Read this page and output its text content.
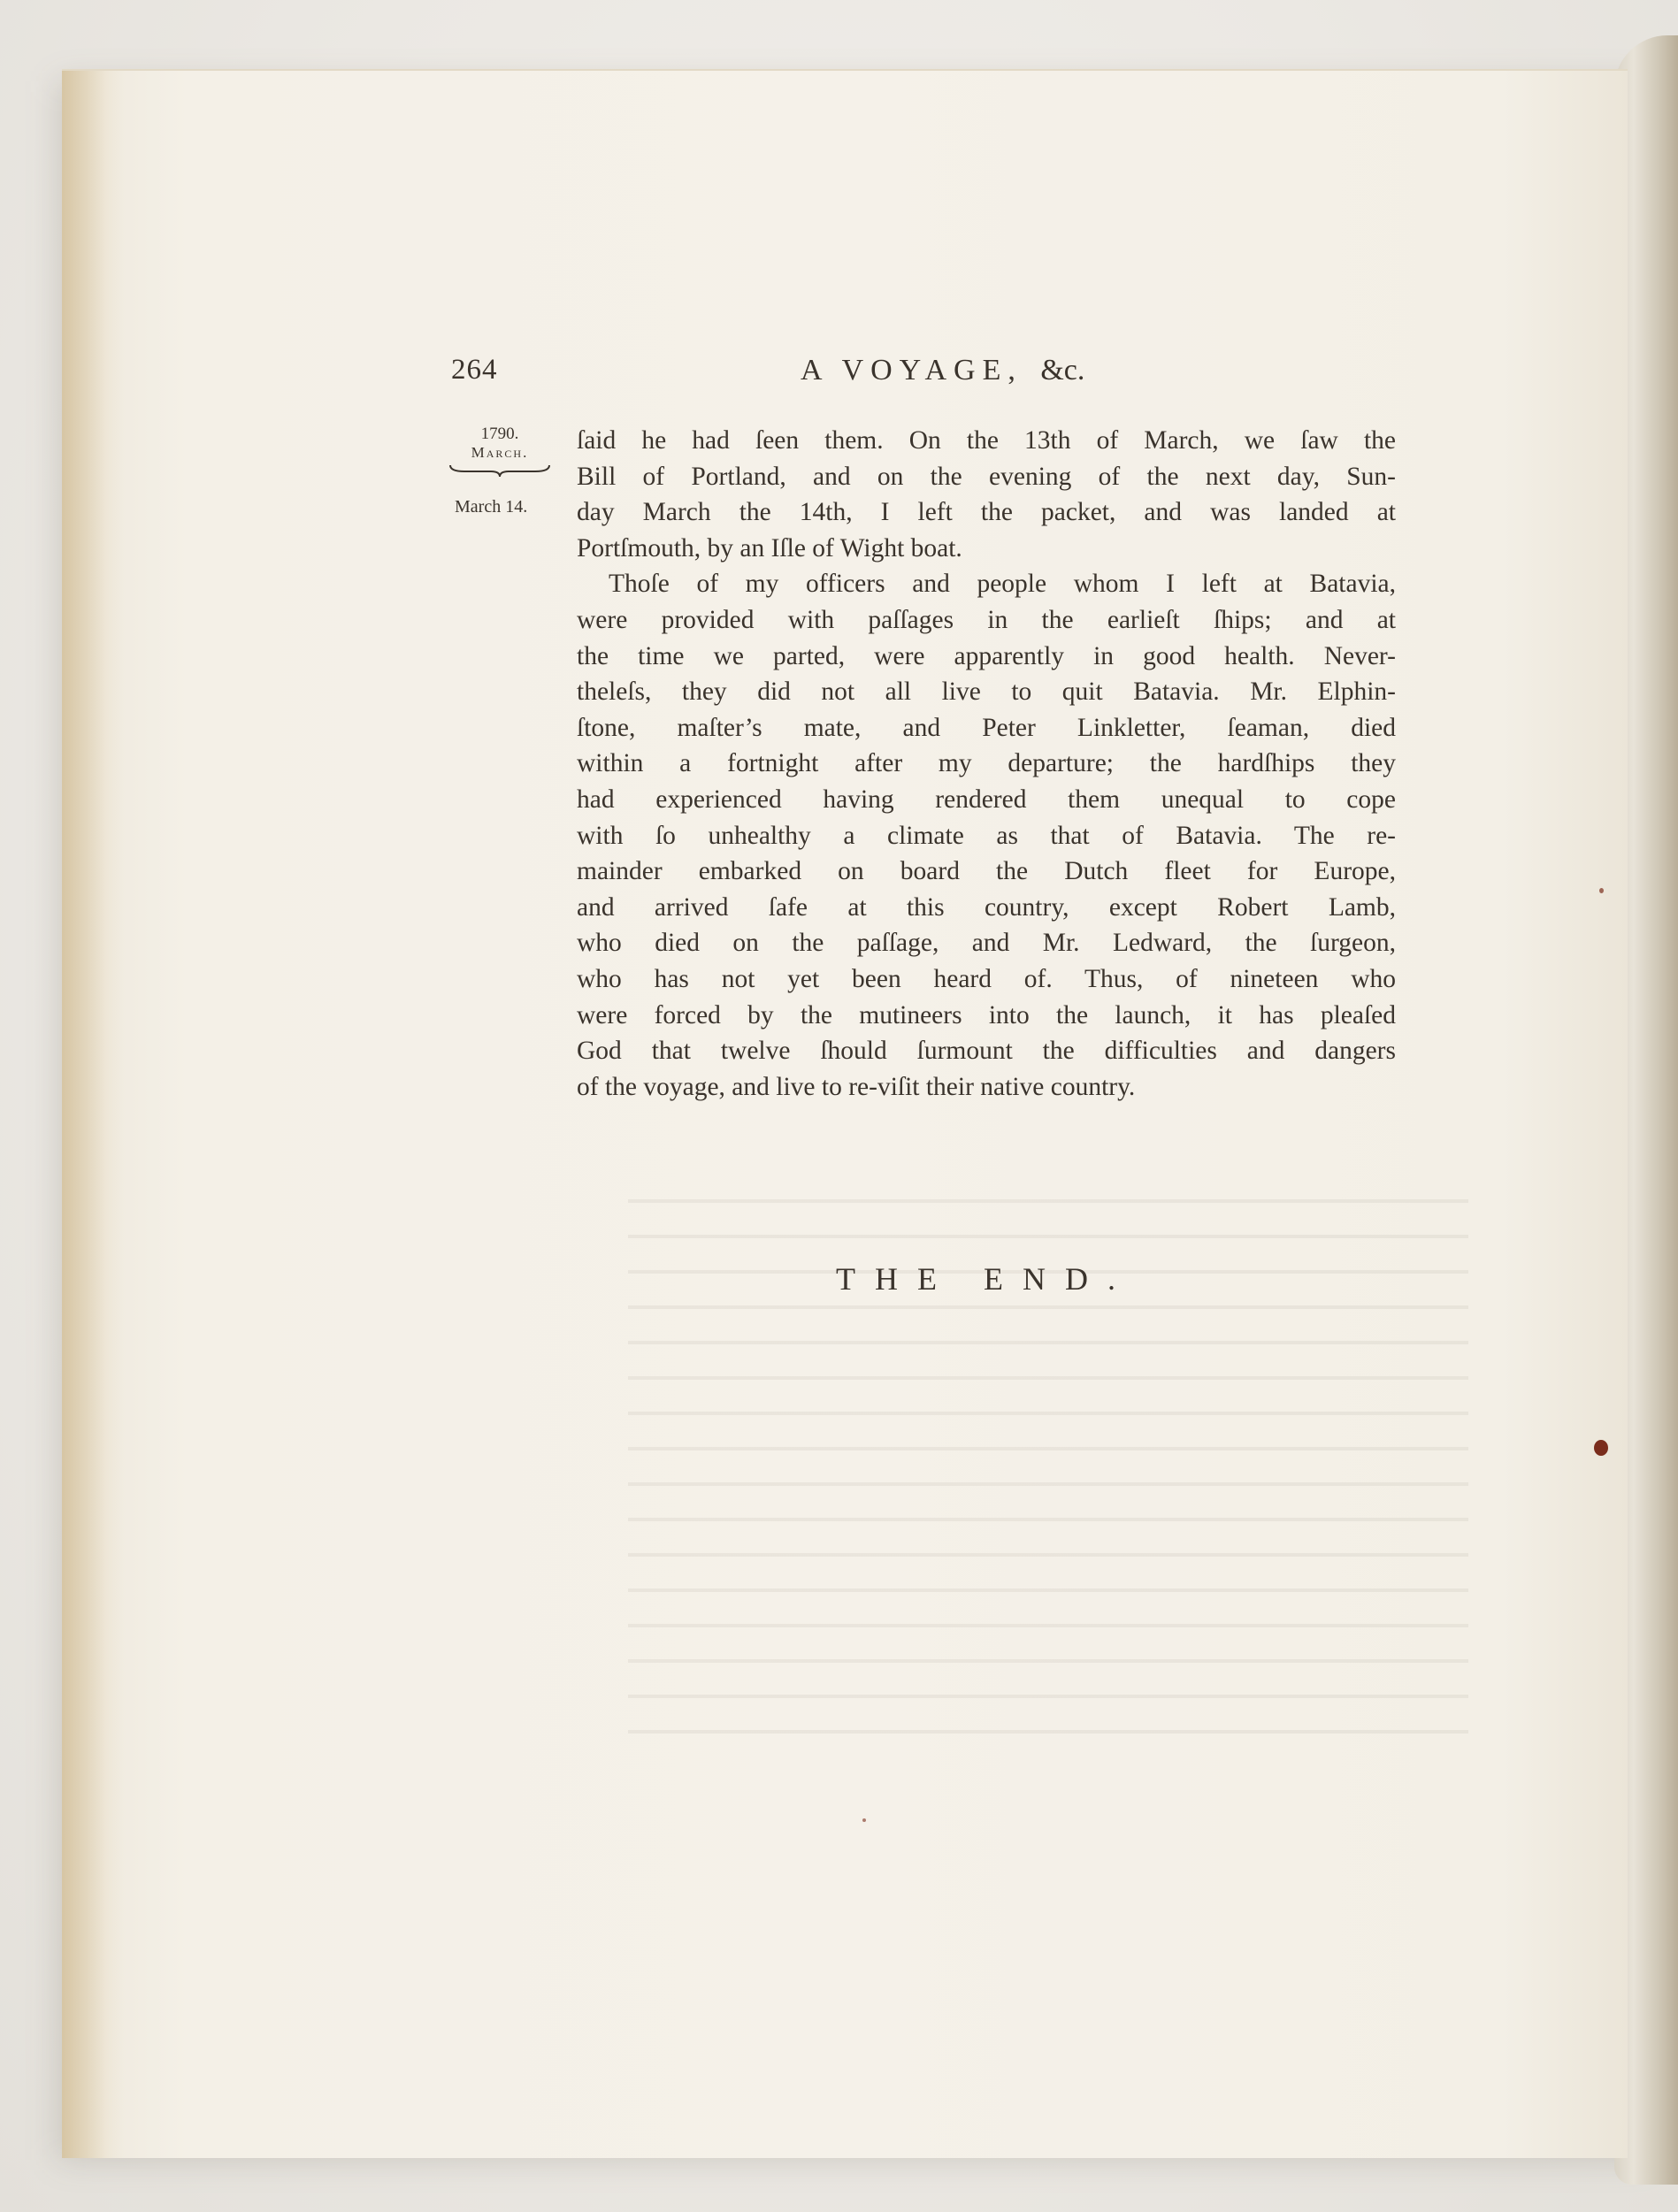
264	A VOYAGE, &c.
1790.
March.
March 14.
ſaid he had ſeen them. On the 13th of March, we ſaw the
Bill of Portland, and on the evening of the next day, Sun-
day March the 14th, I left the packet, and was landed at
Portſmouth, by an Iſle of Wight boat.
Thoſe of my officers and people whom I left at Batavia,
were provided with paſſages in the earlieſt ſhips; and at
the time we parted, were apparently in good health. Never-
theleſs, they did not all live to quit Batavia. Mr. Elphin-
ſtone, maſter’s mate, and Peter Linkletter, ſeaman, died
within a fortnight after my departure; the hardſhips they
had experienced having rendered them unequal to cope
with ſo unhealthy a climate as that of Batavia. The re-
mainder embarked on board the Dutch fleet for Europe,
and arrived ſafe at this country, except Robert Lamb,
who died on the paſſage, and Mr. Ledward, the ſurgeon,
who has not yet been heard of. Thus, of nineteen who
were forced by the mutineers into the launch, it has pleaſed
God that twelve ſhould ſurmount the difficulties and dangers
of the voyage, and live to re-viſit their native country.
THE END.
